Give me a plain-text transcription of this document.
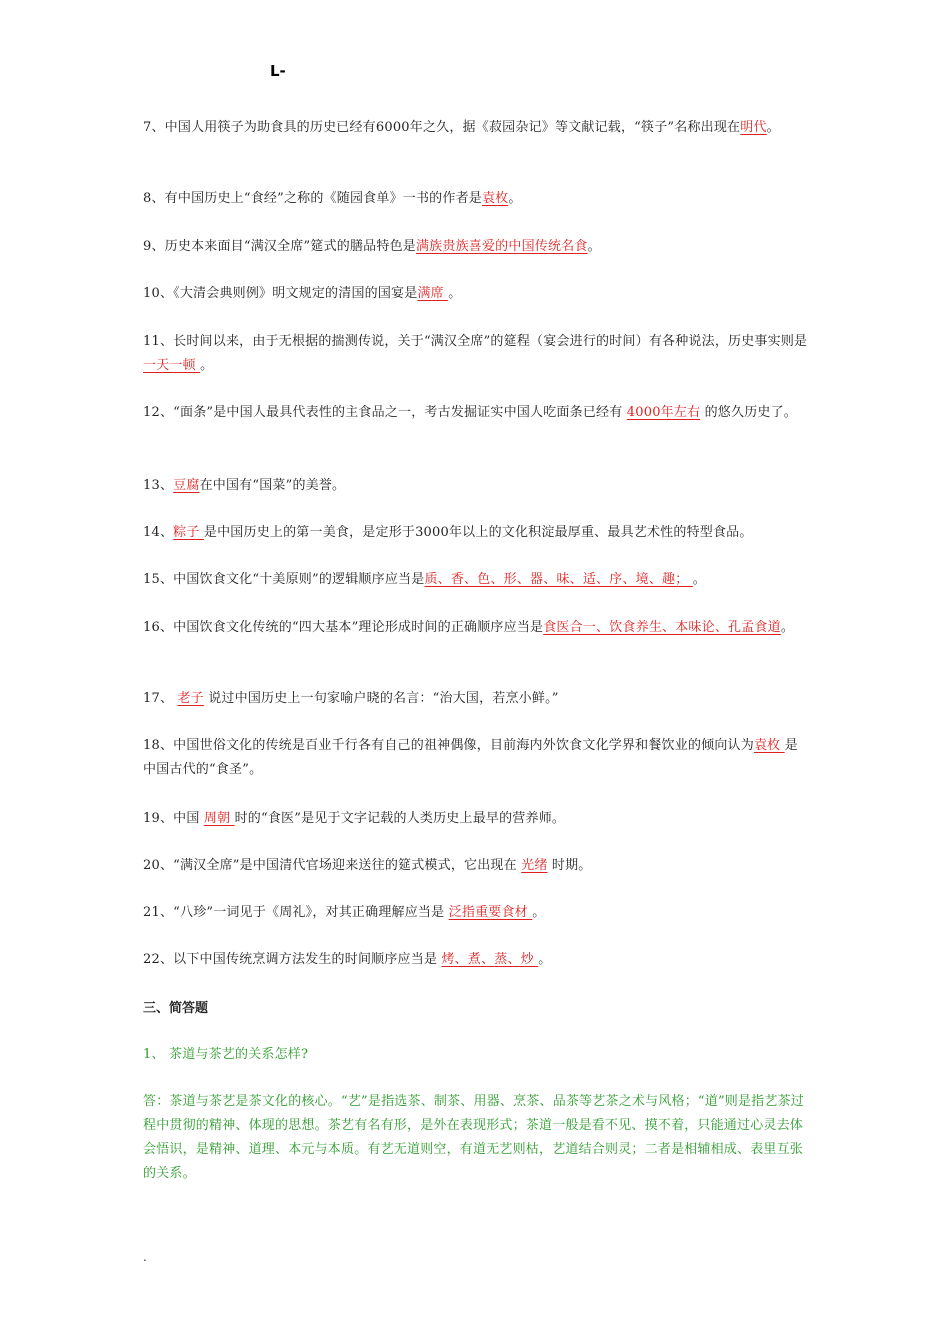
L-
7、中国人用筷子为助食具的历史已经有6000年之久，据《菽园杂记》等文献记载，“筷子”名称出现在明代。
8、有中国历史上“食经”之称的《随园食单》一书的作者是袁枚。
9、历史本来面目“满汉全席”筵式的膳品特色是满族贵族喜爱的中国传统名食。
10、《大清会典则例》明文规定的清国的国宴是满席 。
11、长时间以来，由于无根据的揣测传说，关于“满汉全席”的筵程（宴会进行的时间）有各种说法，历史事实则是一天一顿 。
12、“面条”是中国人最具代表性的主食品之一，考古发掘证实中国人吃面条已经有 4000年左右 的悠久历史了。
13、豆腐在中国有“国菜”的美誉。
14、粽子 是中国历史上的第一美食，是定形于3000年以上的文化积淀最厚重、最具艺术性的特型食品。
15、中国饮食文化“十美原则”的逻辑顺序应当是质、香、色、形、器、味、适、序、境、趣； 。
16、中国饮食文化传统的“四大基本”理论形成时间的正确顺序应当是食医合一、饮食养生、本味论、孔孟食道。
17、 老子 说过中国历史上一句家喻户晓的名言：“治大国，若烹小鲜。”
18、中国世俗文化的传统是百业千行各有自己的祖神偶像，目前海内外饮食文化学界和餐饮业的倾向认为袁枚 是中国古代的“食圣”。
19、中国 周朝 时的“食医”是见于文字记载的人类历史上最早的营养师。
20、“满汉全席”是中国清代官场迎来送往的筵式模式，它出现在 光绪 时期。
21、“八珍”一词见于《周礼》，对其正确理解应当是 泛指重要食材 。
22、以下中国传统烹调方法发生的时间顺序应当是 烤、煮、蒸、炒 。
三、简答题
1、 茶道与茶艺的关系怎样?
答：茶道与茶艺是茶文化的核心。“艺”是指选茶、制茶、用器、烹茶、品茶等艺茶之术与风格；“道”则是指艺茶过程中贯彻的精神、体现的思想。茶艺有名有形，是外在表现形式；茶道一般是看不见、摸不着，只能通过心灵去体会悟识，是精神、道理、本元与本质。有艺无道则空，有道无艺则枯，艺道结合则灵；二者是相辅相成、表里互张的关系。
.
